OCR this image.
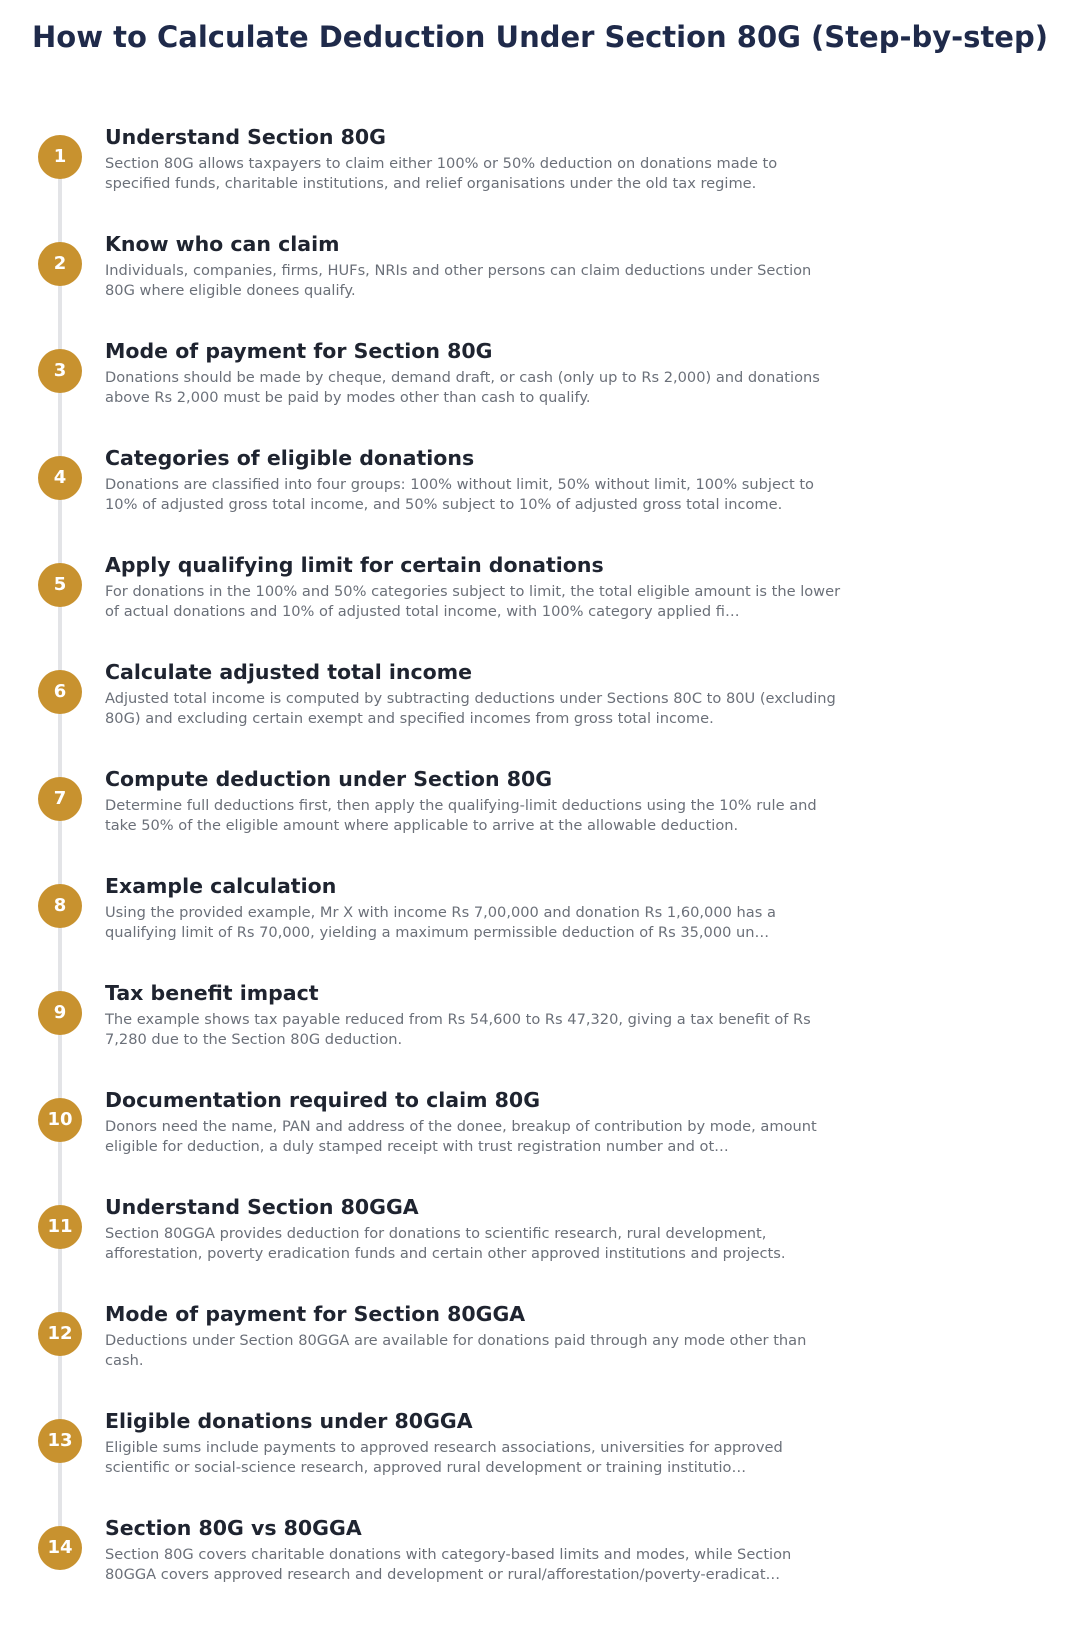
How to Calculate Deduction Under Section 80G (Step-by-step)
1
Understand Section 80G

Section 80G allows taxpayers to claim either 100% or 50% deduction on donations made to specified funds, charitable institutions, and relief organisations under the old tax regime.

2
Know who can claim

Individuals, companies, firms, HUFs, NRIs and other persons can claim deductions under Section 80G where eligible donees qualify.

3
Mode of payment for Section 80G

Donations should be made by cheque, demand draft, or cash (only up to Rs 2,000) and donations above Rs 2,000 must be paid by modes other than cash to qualify.

4
Categories of eligible donations

Donations are classified into four groups: 100% without limit, 50% without limit, 100% subject to 10% of adjusted gross total income, and 50% subject to 10% of adjusted gross total income.

5
Apply qualifying limit for certain donations

For donations in the 100% and 50% categories subject to limit, the total eligible amount is the lower of actual donations and 10% of adjusted total income, with 100% category applied fi…

6
Calculate adjusted total income

Adjusted total income is computed by subtracting deductions under Sections 80C to 80U (excluding 80G) and excluding certain exempt and specified incomes from gross total income.

7
Compute deduction under Section 80G

Determine full deductions first, then apply the qualifying-limit deductions using the 10% rule and take 50% of the eligible amount where applicable to arrive at the allowable deduction.

8
Example calculation

Using the provided example, Mr X with income Rs 7,00,000 and donation Rs 1,60,000 has a qualifying limit of Rs 70,000, yielding a maximum permissible deduction of Rs 35,000 un…

9
Tax benefit impact

The example shows tax payable reduced from Rs 54,600 to Rs 47,320, giving a tax benefit of Rs 7,280 due to the Section 80G deduction.

10
Documentation required to claim 80G

Donors need the name, PAN and address of the donee, breakup of contribution by mode, amount eligible for deduction, a duly stamped receipt with trust registration number and ot…

11
Understand Section 80GGA

Section 80GGA provides deduction for donations to scientific research, rural development, afforestation, poverty eradication funds and certain other approved institutions and projects.

12
Mode of payment for Section 80GGA

Deductions under Section 80GGA are available for donations paid through any mode other than cash.

13
Eligible donations under 80GGA

Eligible sums include payments to approved research associations, universities for approved scientific or social-science research, approved rural development or training institutio…

14
Section 80G vs 80GGA

Section 80G covers charitable donations with category-based limits and modes, while Section 80GGA covers approved research and development or rural/afforestation/poverty-eradicat…
